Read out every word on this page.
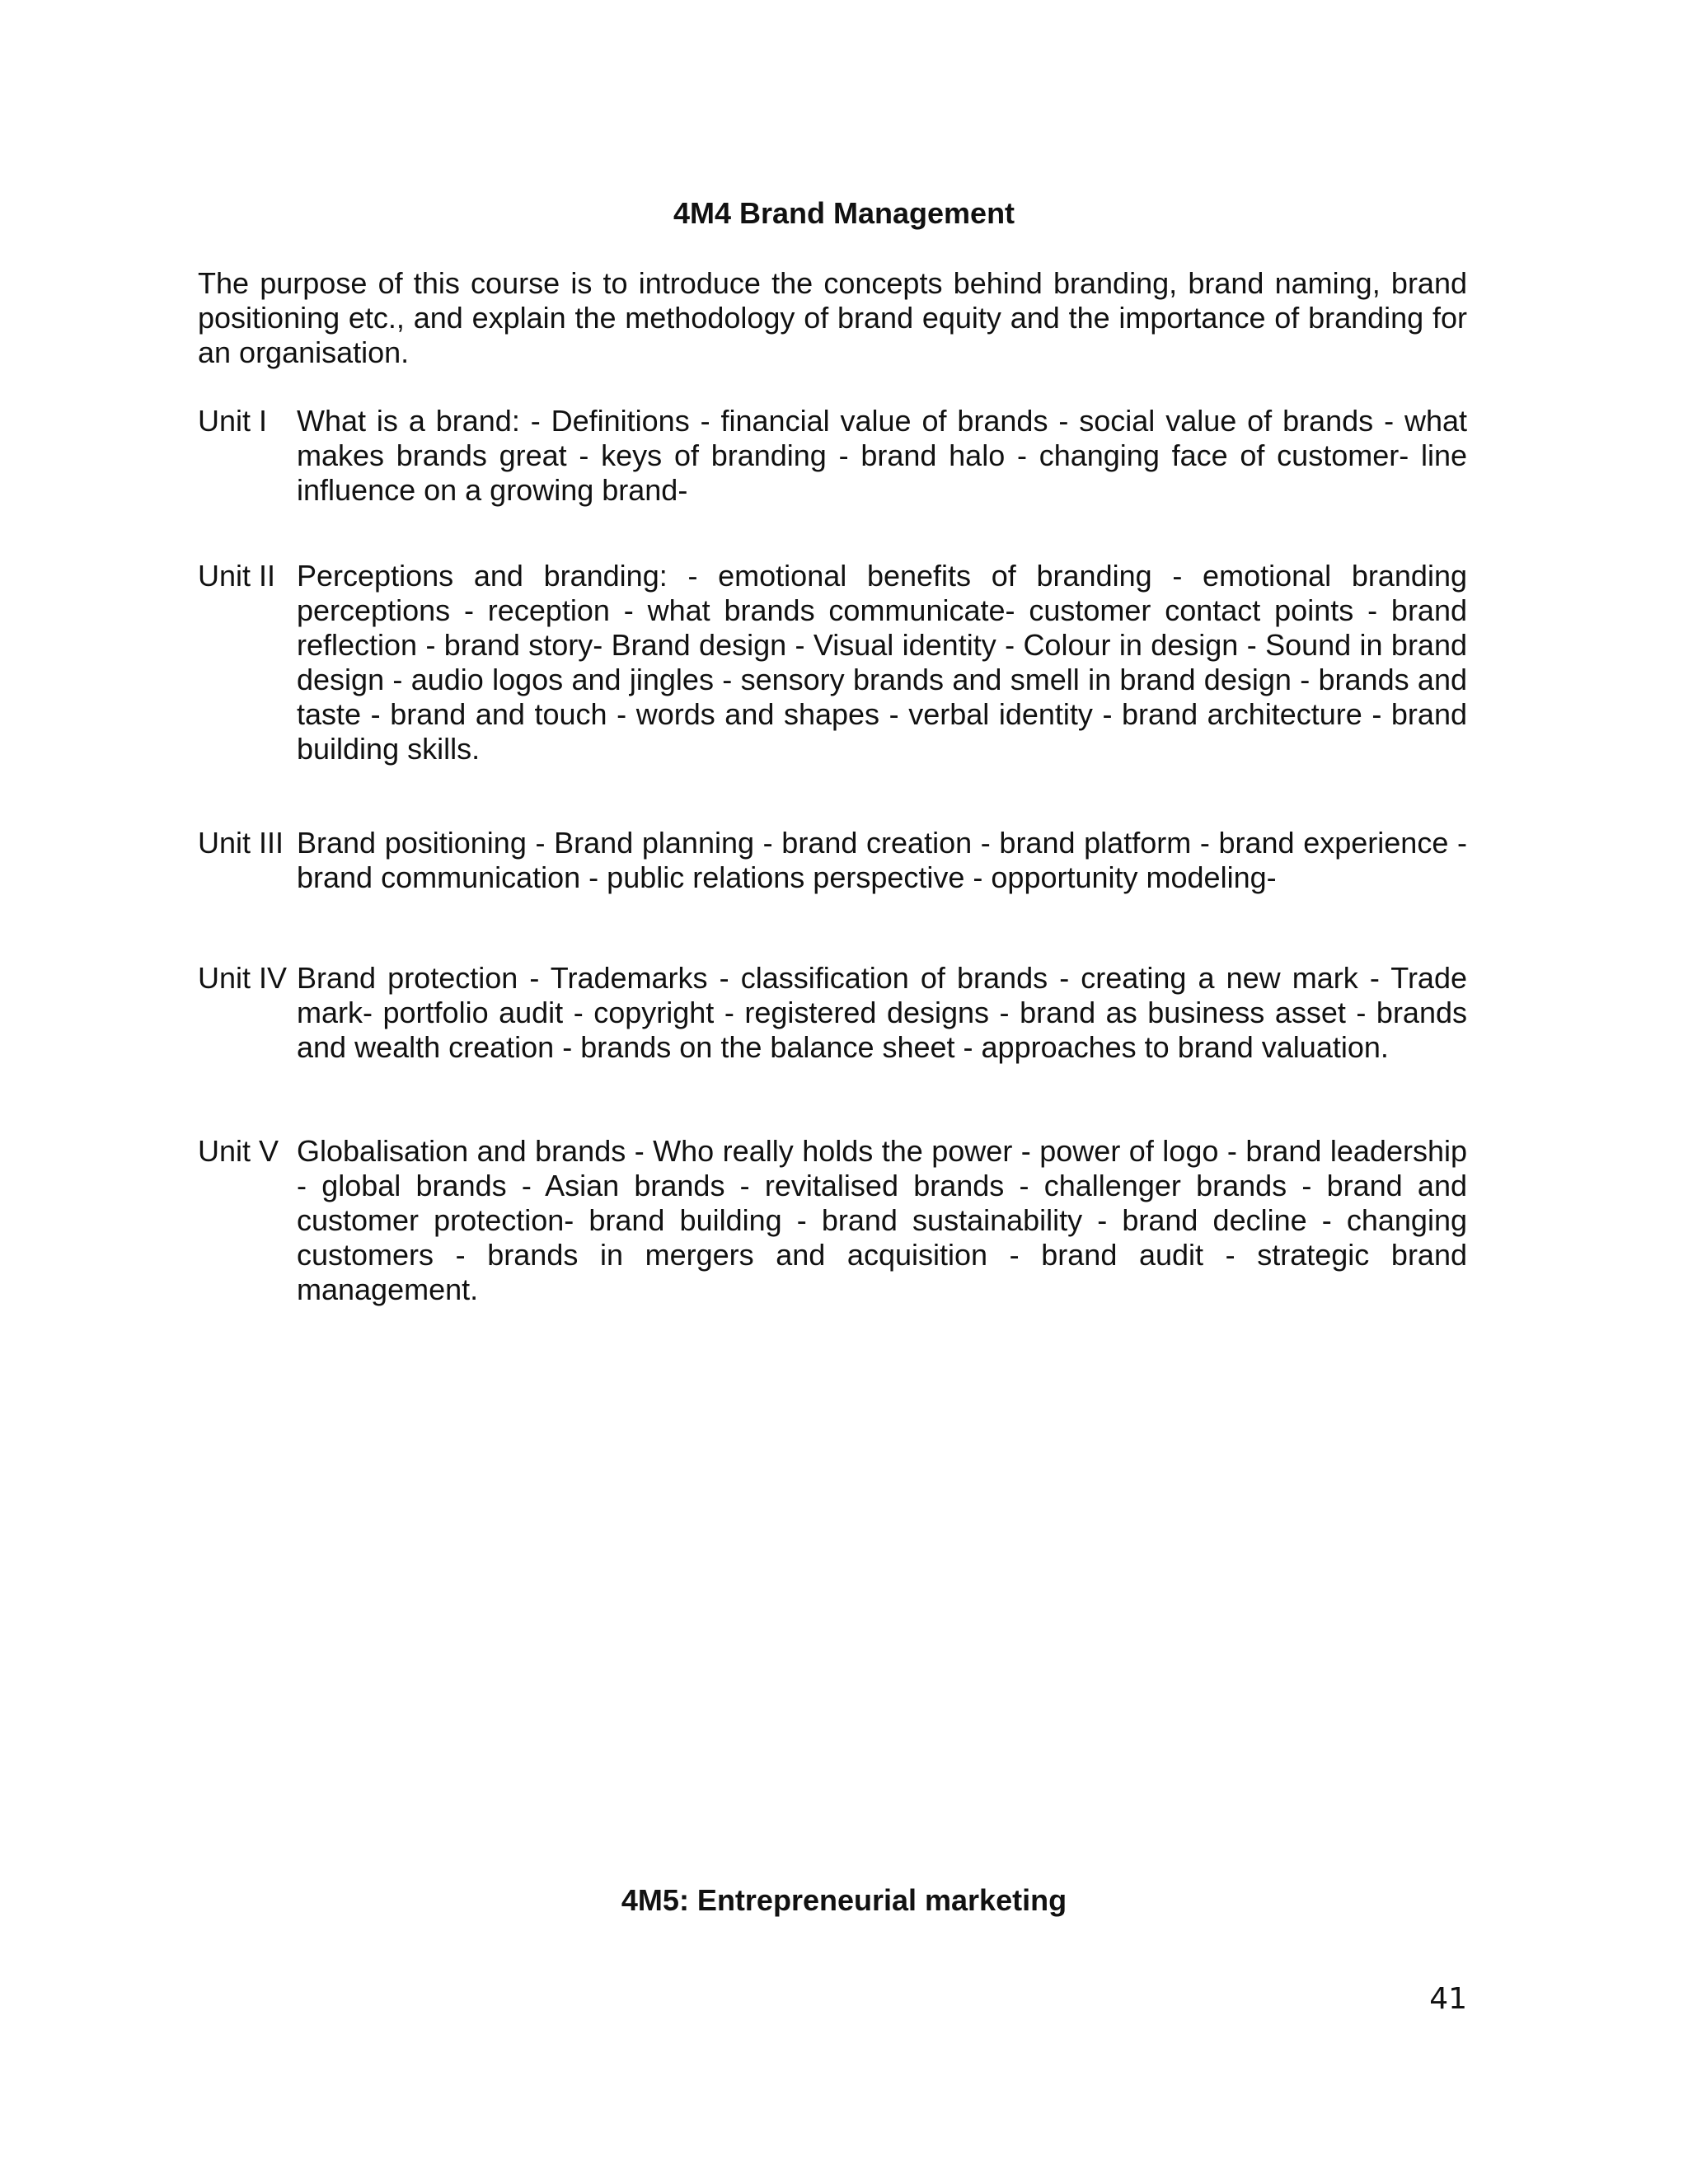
4M4 Brand Management
The purpose of this course is to introduce the concepts behind branding, brand naming, brand positioning etc., and explain the methodology of brand equity and the importance of branding for an organisation.
Unit I What is a brand: - Definitions - financial value of brands - social value of brands - what makes brands great - keys of branding - brand halo - changing face of customer- line influence on a growing brand-
Unit II Perceptions and branding: - emotional benefits of branding - emotional branding perceptions - reception - what brands communicate- customer contact points - brand reflection - brand story- Brand design - Visual identity - Colour in design - Sound in brand design - audio logos and jingles - sensory brands and smell in brand design - brands and taste - brand and touch - words and shapes - verbal identity - brand architecture - brand building skills.
Unit III Brand positioning - Brand planning - brand creation - brand platform - brand experience - brand communication - public relations perspective - opportunity modeling-
Unit IV Brand protection - Trademarks - classification of brands - creating a new mark - Trade mark- portfolio audit - copyright - registered designs - brand as business asset - brands and wealth creation - brands on the balance sheet - approaches to brand valuation.
Unit V Globalisation and brands - Who really holds the power - power of logo - brand leadership - global brands - Asian brands - revitalised brands - challenger brands - brand and customer protection- brand building - brand sustainability - brand decline - changing customers - brands in mergers and acquisition - brand audit - strategic brand management.
4M5: Entrepreneurial marketing
41
